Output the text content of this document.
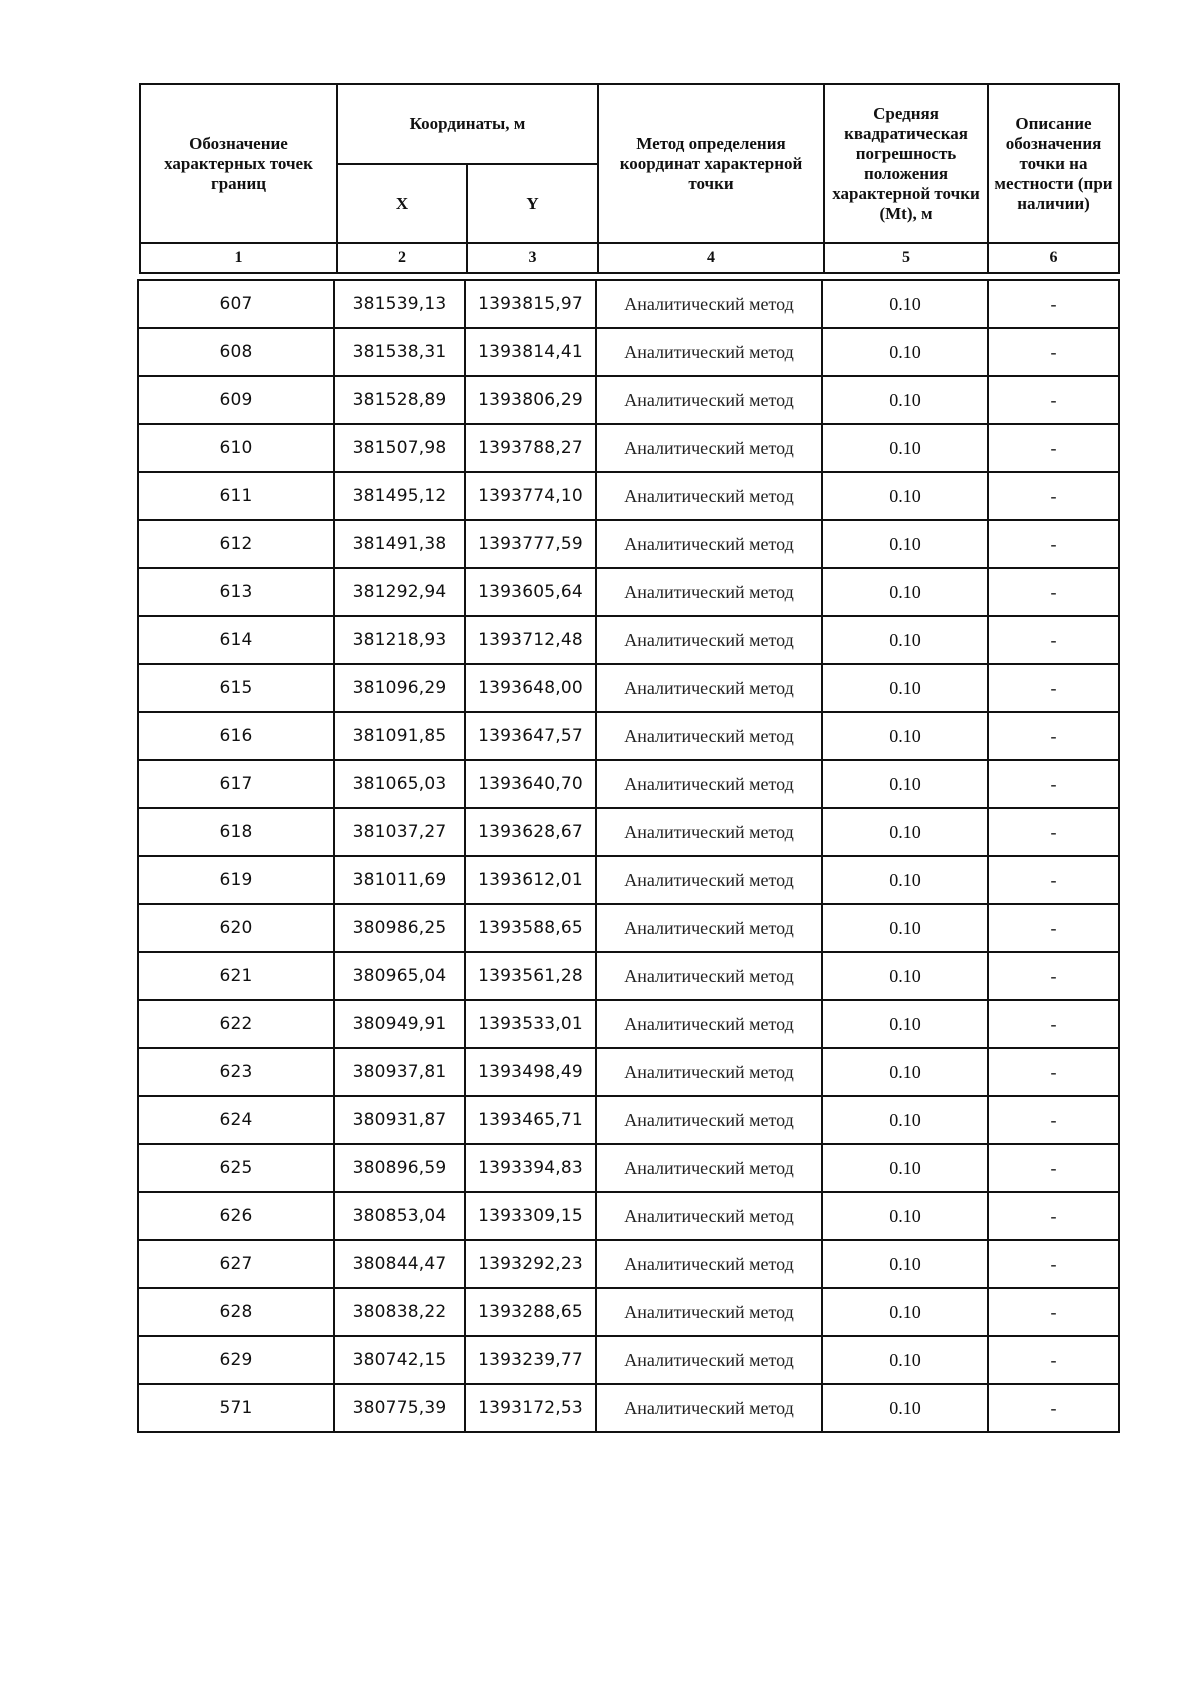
Обозначение характерных точек границ	Координаты, м		Метод определения координат характерной точки	Средняя квадратическая погрешность положения характерной точки (Mt), м	Описание обозначения точки на местности (при наличии)
	X	Y			
1	2	3	4	5	6
607	381539,13	1393815,97	Аналитический метод	0.10	-
608	381538,31	1393814,41	Аналитический метод	0.10	-
609	381528,89	1393806,29	Аналитический метод	0.10	-
610	381507,98	1393788,27	Аналитический метод	0.10	-
611	381495,12	1393774,10	Аналитический метод	0.10	-
612	381491,38	1393777,59	Аналитический метод	0.10	-
613	381292,94	1393605,64	Аналитический метод	0.10	-
614	381218,93	1393712,48	Аналитический метод	0.10	-
615	381096,29	1393648,00	Аналитический метод	0.10	-
616	381091,85	1393647,57	Аналитический метод	0.10	-
617	381065,03	1393640,70	Аналитический метод	0.10	-
618	381037,27	1393628,67	Аналитический метод	0.10	-
619	381011,69	1393612,01	Аналитический метод	0.10	-
620	380986,25	1393588,65	Аналитический метод	0.10	-
621	380965,04	1393561,28	Аналитический метод	0.10	-
622	380949,91	1393533,01	Аналитический метод	0.10	-
623	380937,81	1393498,49	Аналитический метод	0.10	-
624	380931,87	1393465,71	Аналитический метод	0.10	-
625	380896,59	1393394,83	Аналитический метод	0.10	-
626	380853,04	1393309,15	Аналитический метод	0.10	-
627	380844,47	1393292,23	Аналитический метод	0.10	-
628	380838,22	1393288,65	Аналитический метод	0.10	-
629	380742,15	1393239,77	Аналитический метод	0.10	-
571	380775,39	1393172,53	Аналитический метод	0.10	-
